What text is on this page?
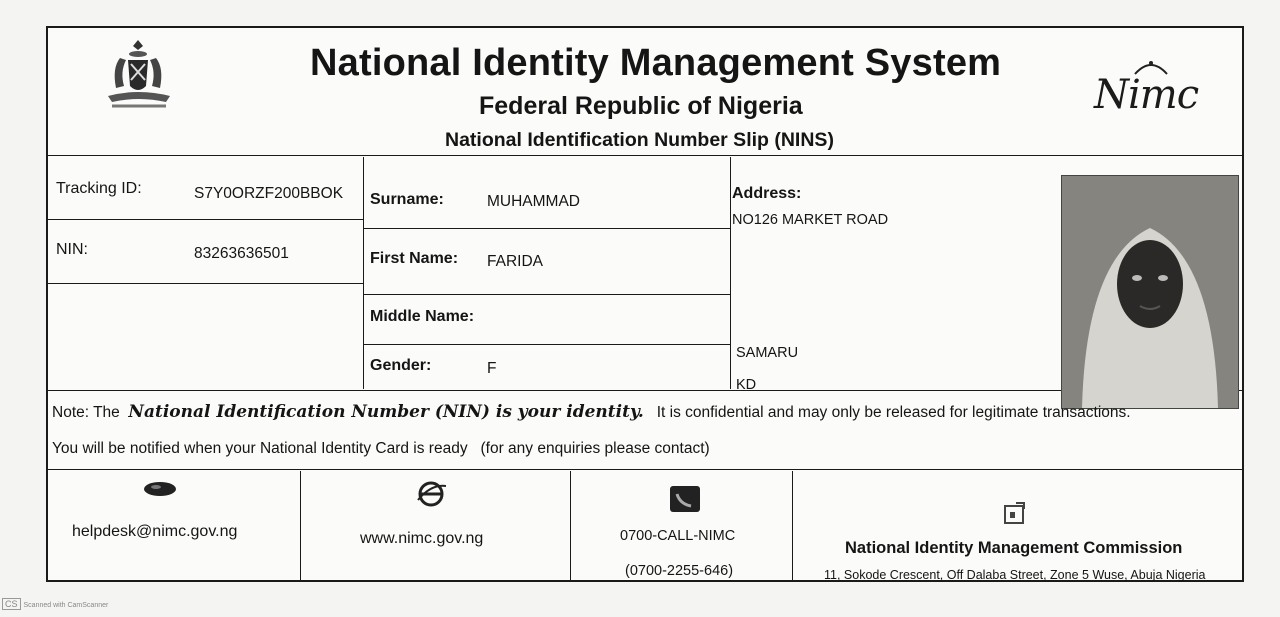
National Identity Management System
Federal Republic of Nigeria
National Identification Number Slip (NINS)
Nimc
Tracking ID:	S7Y0ORZF200BBOK
NIN:	83263636501
Surname:	MUHAMMAD
First Name: FARIDA
Middle Name:
Gender:	F
Address:
NO126 MARKET ROAD
SAMARU
KD
Note: The National Identification Number (NIN) is your identity. It is confidential and may only be released for legitimate transactions.
You will be notified when your National Identity Card is ready   (for any enquiries please contact)
helpdesk@nimc.gov.ng	www.nimc.gov.ng	0700-CALL-NIMC
(0700-2255-646)
National Identity Management Commission
11, Sokode Crescent, Off Dalaba Street, Zone 5 Wuse, Abuja Nigeria
CS Scanned with CamScanner
